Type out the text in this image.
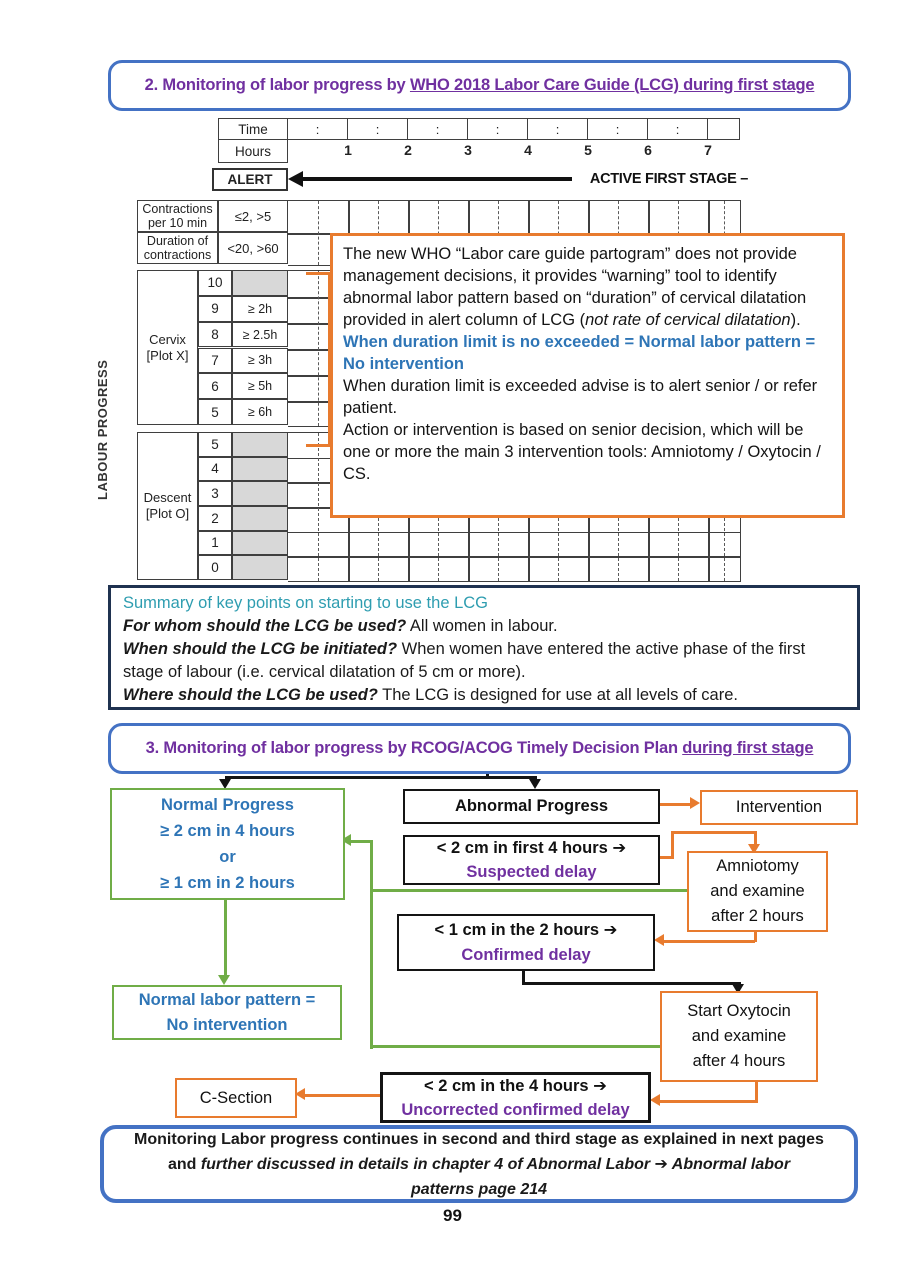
2. Monitoring of labor progress by WHO 2018 Labor Care Guide (LCG) during first stage
Time	:	:	:	:	:	:	:
Hours	1	2	3	4	5	6	7
ALERT	ACTIVE FIRST STAGE –
Contractions
per 10 min	≤2, >5
Duration of
contractions	<20, >60
Cervix
[Plot X]
10
9	≥ 2h
8	≥ 2.5h
7	≥ 3h
6	≥ 5h
5	≥ 6h
Descent
[Plot O]
5
4
3
2
1
0
LABOUR PROGRESS
The new WHO “Labor care guide partogram” does not provide management decisions, it provides “warning” tool to identify abnormal labor pattern based on “duration” of cervical dilatation provided in alert column of LCG (not rate of cervical dilatation).
When duration limit is no exceeded = Normal labor pattern = No intervention
When duration limit is exceeded advise is to alert senior / or refer patient.
Action or intervention is based on senior decision, which will be one or more the main 3 intervention tools: Amniotomy / Oxytocin / CS.
Summary of key points on starting to use the LCG
For whom should the LCG be used? All women in labour.
When should the LCG be initiated? When women have entered the active phase of the first stage of labour (i.e. cervical dilatation of 5 cm or more).
Where should the LCG be used? The LCG is designed for use at all levels of care.
3. Monitoring of labor progress by RCOG/ACOG Timely Decision Plan during first stage
Normal Progress
≥ 2 cm in 4 hours
or
≥ 1 cm in 2 hours
Abnormal Progress	Intervention
< 2 cm in first 4 hours ➔
Suspected delay	Amniotomy
and examine
after 2 hours
< 1 cm in the 2 hours ➔
Confirmed delay
Normal labor pattern =
No intervention
Start Oxytocin
and examine
after 4 hours
< 2 cm in the 4 hours ➔
Uncorrected confirmed delay
C-Section
Monitoring Labor progress continues in second and third stage as explained in next pages
and further discussed in details in chapter 4 of Abnormal Labor ➔ Abnormal labor
patterns page 214
99
